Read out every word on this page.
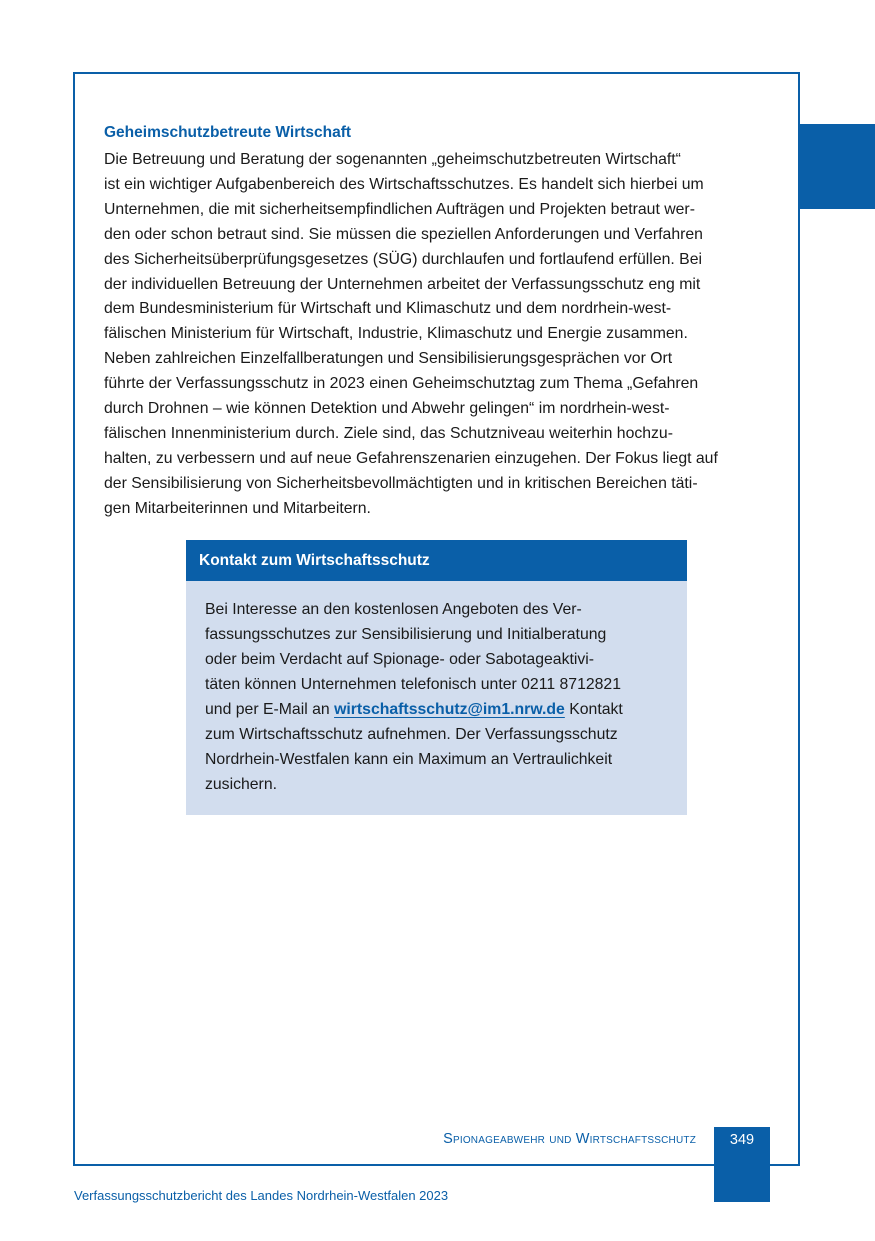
Geheimschutzbetreute Wirtschaft

Die Betreuung und Beratung der sogenannten „geheimschutzbetreuten Wirtschaft“
ist ein wichtiger Aufgabenbereich des Wirtschaftsschutzes. Es handelt sich hierbei um
Unternehmen, die mit sicherheitsempfindlichen Aufträgen und Projekten betraut wer-
den oder schon betraut sind. Sie müssen die speziellen Anforderungen und Verfahren
des Sicherheitsüberprüfungsgesetzes (SÜG) durchlaufen und fortlaufend erfüllen. Bei
der individuellen Betreuung der Unternehmen arbeitet der Verfassungsschutz eng mit
dem Bundesministerium für Wirtschaft und Klimaschutz und dem nordrhein-west-
fälischen Ministerium für Wirtschaft, Industrie, Klimaschutz und Energie zusammen.
Neben zahlreichen Einzelfallberatungen und Sensibilisierungsgesprächen vor Ort
führte der Verfassungsschutz in 2023 einen Geheimschutztag zum Thema „Gefahren
durch Drohnen – wie können Detektion und Abwehr gelingen“ im nordrhein-west-
fälischen Innenministerium durch. Ziele sind, das Schutzniveau weiterhin hochzu-
halten, zu verbessern und auf neue Gefahrenszenarien einzugehen. Der Fokus liegt auf
der Sensibilisierung von Sicherheitsbevollmächtigten und in kritischen Bereichen täti-
gen Mitarbeiterinnen und Mitarbeitern.

Kontakt zum Wirtschaftsschutz
Bei Interesse an den kostenlosen Angeboten des Ver-
fassungsschutzes zur Sensibilisierung und Initialberatung
oder beim Verdacht auf Spionage- oder Sabotageaktivi-
täten können Unternehmen telefonisch unter 0211 8712821
und per E-Mail an wirtschaftsschutz@im1.nrw.de Kontakt
zum Wirtschaftsschutz aufnehmen. Der Verfassungsschutz
Nordrhein-Westfalen kann ein Maximum an Vertraulichkeit
zusichern.
Spionageabwehr und Wirtschaftsschutz	349
Verfassungsschutzbericht des Landes Nordrhein-Westfalen 2023
